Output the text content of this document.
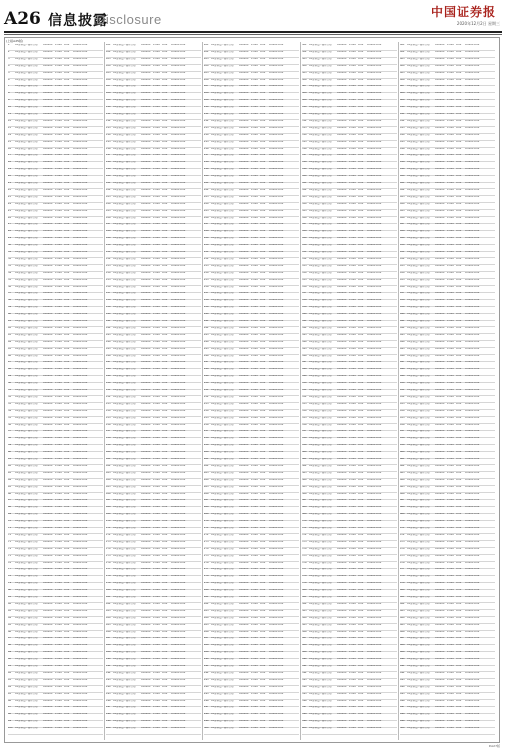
A26 信息披露
Disclosure	中国证券报
2020年12月2日 星期三
(上接A25版)
1 XX证券资产管理计划 XX0000 1.000 0.00 0.00000.00
2 XX证券资产管理计划 XX0000 1.000 0.00 0.00000.00
3 XX证券资产管理计划 XX0000 1.000 0.00 0.00000.00
4 XX证券资产管理计划 XX0000 1.000 0.00 0.00000.00
5 XX证券资产管理计划 XX0000 1.000 0.00 0.00000.00
6 XX证券资产管理计划 XX0000 1.000 0.00 0.00000.00
7 XX证券资产管理计划 XX0000 1.000 0.00 0.00000.00
8 XX证券资产管理计划 XX0000 1.000 0.00 0.00000.00
9 XX证券资产管理计划 XX0000 1.000 0.00 0.00000.00
10 XX证券资产管理计划 XX0000 1.000 0.00 0.00000.00
11 XX证券资产管理计划 XX0000 1.000 0.00 0.00000.00
12 XX证券资产管理计划 XX0000 1.000 0.00 0.00000.00
13 XX证券资产管理计划 XX0000 1.000 0.00 0.00000.00
14 XX证券资产管理计划 XX0000 1.000 0.00 0.00000.00
15 XX证券资产管理计划 XX0000 1.000 0.00 0.00000.00
16 XX证券资产管理计划 XX0000 1.000 0.00 0.00000.00
17 XX证券资产管理计划 XX0000 1.000 0.00 0.00000.00
18 XX证券资产管理计划 XX0000 1.000 0.00 0.00000.00
19 XX证券资产管理计划 XX0000 1.000 0.00 0.00000.00
20 XX证券资产管理计划 XX0000 1.000 0.00 0.00000.00
21 XX证券资产管理计划 XX0000 1.000 0.00 0.00000.00
22 XX证券资产管理计划 XX0000 1.000 0.00 0.00000.00
23 XX证券资产管理计划 XX0000 1.000 0.00 0.00000.00
24 XX证券资产管理计划 XX0000 1.000 0.00 0.00000.00
25 XX证券资产管理计划 XX0000 1.000 0.00 0.00000.00
26 XX证券资产管理计划 XX0000 1.000 0.00 0.00000.00
27 XX证券资产管理计划 XX0000 1.000 0.00 0.00000.00
28 XX证券资产管理计划 XX0000 1.000 0.00 0.00000.00
29 XX证券资产管理计划 XX0000 1.000 0.00 0.00000.00
30 XX证券资产管理计划 XX0000 1.000 0.00 0.00000.00
31 XX证券资产管理计划 XX0000 1.000 0.00 0.00000.00
32 XX证券资产管理计划 XX0000 1.000 0.00 0.00000.00
33 XX证券资产管理计划 XX0000 1.000 0.00 0.00000.00
34 XX证券资产管理计划 XX0000 1.000 0.00 0.00000.00
35 XX证券资产管理计划 XX0000 1.000 0.00 0.00000.00
36 XX证券资产管理计划 XX0000 1.000 0.00 0.00000.00
37 XX证券资产管理计划 XX0000 1.000 0.00 0.00000.00
38 XX证券资产管理计划 XX0000 1.000 0.00 0.00000.00
39 XX证券资产管理计划 XX0000 1.000 0.00 0.00000.00
40 XX证券资产管理计划 XX0000 1.000 0.00 0.00000.00
41 XX证券资产管理计划 XX0000 1.000 0.00 0.00000.00
42 XX证券资产管理计划 XX0000 1.000 0.00 0.00000.00
43 XX证券资产管理计划 XX0000 1.000 0.00 0.00000.00
44 XX证券资产管理计划 XX0000 1.000 0.00 0.00000.00
45 XX证券资产管理计划 XX0000 1.000 0.00 0.00000.00
46 XX证券资产管理计划 XX0000 1.000 0.00 0.00000.00
47 XX证券资产管理计划 XX0000 1.000 0.00 0.00000.00
48 XX证券资产管理计划 XX0000 1.000 0.00 0.00000.00
49 XX证券资产管理计划 XX0000 1.000 0.00 0.00000.00
50 XX证券资产管理计划 XX0000 1.000 0.00 0.00000.00
51 XX证券资产管理计划 XX0000 1.000 0.00 0.00000.00
52 XX证券资产管理计划 XX0000 1.000 0.00 0.00000.00
53 XX证券资产管理计划 XX0000 1.000 0.00 0.00000.00
54 XX证券资产管理计划 XX0000 1.000 0.00 0.00000.00
55 XX证券资产管理计划 XX0000 1.000 0.00 0.00000.00
56 XX证券资产管理计划 XX0000 1.000 0.00 0.00000.00
57 XX证券资产管理计划 XX0000 1.000 0.00 0.00000.00
58 XX证券资产管理计划 XX0000 1.000 0.00 0.00000.00
59 XX证券资产管理计划 XX0000 1.000 0.00 0.00000.00
60 XX证券资产管理计划 XX0000 1.000 0.00 0.00000.00
61 XX证券资产管理计划 XX0000 1.000 0.00 0.00000.00
62 XX证券资产管理计划 XX0000 1.000 0.00 0.00000.00
63 XX证券资产管理计划 XX0000 1.000 0.00 0.00000.00
64 XX证券资产管理计划 XX0000 1.000 0.00 0.00000.00
65 XX证券资产管理计划 XX0000 1.000 0.00 0.00000.00
66 XX证券资产管理计划 XX0000 1.000 0.00 0.00000.00
67 XX证券资产管理计划 XX0000 1.000 0.00 0.00000.00
68 XX证券资产管理计划 XX0000 1.000 0.00 0.00000.00
69 XX证券资产管理计划 XX0000 1.000 0.00 0.00000.00
70 XX证券资产管理计划 XX0000 1.000 0.00 0.00000.00
71 XX证券资产管理计划 XX0000 1.000 0.00 0.00000.00
72 XX证券资产管理计划 XX0000 1.000 0.00 0.00000.00
73 XX证券资产管理计划 XX0000 1.000 0.00 0.00000.00
74 XX证券资产管理计划 XX0000 1.000 0.00 0.00000.00
75 XX证券资产管理计划 XX0000 1.000 0.00 0.00000.00
76 XX证券资产管理计划 XX0000 1.000 0.00 0.00000.00
77 XX证券资产管理计划 XX0000 1.000 0.00 0.00000.00
78 XX证券资产管理计划 XX0000 1.000 0.00 0.00000.00
79 XX证券资产管理计划 XX0000 1.000 0.00 0.00000.00
80 XX证券资产管理计划 XX0000 1.000 0.00 0.00000.00
81 XX证券资产管理计划 XX0000 1.000 0.00 0.00000.00
82 XX证券资产管理计划 XX0000 1.000 0.00 0.00000.00
83 XX证券资产管理计划 XX0000 1.000 0.00 0.00000.00
84 XX证券资产管理计划 XX0000 1.000 0.00 0.00000.00
85 XX证券资产管理计划 XX0000 1.000 0.00 0.00000.00
86 XX证券资产管理计划 XX0000 1.000 0.00 0.00000.00
87 XX证券资产管理计划 XX0000 1.000 0.00 0.00000.00
88 XX证券资产管理计划 XX0000 1.000 0.00 0.00000.00
89 XX证券资产管理计划 XX0000 1.000 0.00 0.00000.00
90 XX证券资产管理计划 XX0000 1.000 0.00 0.00000.00
91 XX证券资产管理计划 XX0000 1.000 0.00 0.00000.00
92 XX证券资产管理计划 XX0000 1.000 0.00 0.00000.00
93 XX证券资产管理计划 XX0000 1.000 0.00 0.00000.00
94 XX证券资产管理计划 XX0000 1.000 0.00 0.00000.00
95 XX证券资产管理计划 XX0000 1.000 0.00 0.00000.00
96 XX证券资产管理计划 XX0000 1.000 0.00 0.00000.00
97 XX证券资产管理计划 XX0000 1.000 0.00 0.00000.00
98 XX证券资产管理计划 XX0000 1.000 0.00 0.00000.00
99 XX证券资产管理计划 XX0000 1.000 0.00 0.00000.00
100 XX证券资产管理计划 XX0000 1.000 0.00 0.00000.00
101 XX证券资产管理计划 XX0000 1.000 0.00 0.00000.00
102 XX证券资产管理计划 XX0000 1.000 0.00 0.00000.00
103 XX证券资产管理计划 XX0000 1.000 0.00 0.00000.00
104 XX证券资产管理计划 XX0000 1.000 0.00 0.00000.00
105 XX证券资产管理计划 XX0000 1.000 0.00 0.00000.00
106 XX证券资产管理计划 XX0000 1.000 0.00 0.00000.00
107 XX证券资产管理计划 XX0000 1.000 0.00 0.00000.00
108 XX证券资产管理计划 XX0000 1.000 0.00 0.00000.00
109 XX证券资产管理计划 XX0000 1.000 0.00 0.00000.00
110 XX证券资产管理计划 XX0000 1.000 0.00 0.00000.00
111 XX证券资产管理计划 XX0000 1.000 0.00 0.00000.00
112 XX证券资产管理计划 XX0000 1.000 0.00 0.00000.00
113 XX证券资产管理计划 XX0000 1.000 0.00 0.00000.00
114 XX证券资产管理计划 XX0000 1.000 0.00 0.00000.00
115 XX证券资产管理计划 XX0000 1.000 0.00 0.00000.00
116 XX证券资产管理计划 XX0000 1.000 0.00 0.00000.00
117 XX证券资产管理计划 XX0000 1.000 0.00 0.00000.00
118 XX证券资产管理计划 XX0000 1.000 0.00 0.00000.00
119 XX证券资产管理计划 XX0000 1.000 0.00 0.00000.00
120 XX证券资产管理计划 XX0000 1.000 0.00 0.00000.00
121 XX证券资产管理计划 XX0000 1.000 0.00 0.00000.00
122 XX证券资产管理计划 XX0000 1.000 0.00 0.00000.00
123 XX证券资产管理计划 XX0000 1.000 0.00 0.00000.00
124 XX证券资产管理计划 XX0000 1.000 0.00 0.00000.00
125 XX证券资产管理计划 XX0000 1.000 0.00 0.00000.00
126 XX证券资产管理计划 XX0000 1.000 0.00 0.00000.00
127 XX证券资产管理计划 XX0000 1.000 0.00 0.00000.00
128 XX证券资产管理计划 XX0000 1.000 0.00 0.00000.00
129 XX证券资产管理计划 XX0000 1.000 0.00 0.00000.00
130 XX证券资产管理计划 XX0000 1.000 0.00 0.00000.00
131 XX证券资产管理计划 XX0000 1.000 0.00 0.00000.00
132 XX证券资产管理计划 XX0000 1.000 0.00 0.00000.00
133 XX证券资产管理计划 XX0000 1.000 0.00 0.00000.00
134 XX证券资产管理计划 XX0000 1.000 0.00 0.00000.00
135 XX证券资产管理计划 XX0000 1.000 0.00 0.00000.00
136 XX证券资产管理计划 XX0000 1.000 0.00 0.00000.00
137 XX证券资产管理计划 XX0000 1.000 0.00 0.00000.00
138 XX证券资产管理计划 XX0000 1.000 0.00 0.00000.00
139 XX证券资产管理计划 XX0000 1.000 0.00 0.00000.00
140 XX证券资产管理计划 XX0000 1.000 0.00 0.00000.00
141 XX证券资产管理计划 XX0000 1.000 0.00 0.00000.00
142 XX证券资产管理计划 XX0000 1.000 0.00 0.00000.00
143 XX证券资产管理计划 XX0000 1.000 0.00 0.00000.00
144 XX证券资产管理计划 XX0000 1.000 0.00 0.00000.00
145 XX证券资产管理计划 XX0000 1.000 0.00 0.00000.00
146 XX证券资产管理计划 XX0000 1.000 0.00 0.00000.00
147 XX证券资产管理计划 XX0000 1.000 0.00 0.00000.00
148 XX证券资产管理计划 XX0000 1.000 0.00 0.00000.00
149 XX证券资产管理计划 XX0000 1.000 0.00 0.00000.00
150 XX证券资产管理计划 XX0000 1.000 0.00 0.00000.00
151 XX证券资产管理计划 XX0000 1.000 0.00 0.00000.00
152 XX证券资产管理计划 XX0000 1.000 0.00 0.00000.00
153 XX证券资产管理计划 XX0000 1.000 0.00 0.00000.00
154 XX证券资产管理计划 XX0000 1.000 0.00 0.00000.00
155 XX证券资产管理计划 XX0000 1.000 0.00 0.00000.00
156 XX证券资产管理计划 XX0000 1.000 0.00 0.00000.00
157 XX证券资产管理计划 XX0000 1.000 0.00 0.00000.00
158 XX证券资产管理计划 XX0000 1.000 0.00 0.00000.00
159 XX证券资产管理计划 XX0000 1.000 0.00 0.00000.00
160 XX证券资产管理计划 XX0000 1.000 0.00 0.00000.00
161 XX证券资产管理计划 XX0000 1.000 0.00 0.00000.00
162 XX证券资产管理计划 XX0000 1.000 0.00 0.00000.00
163 XX证券资产管理计划 XX0000 1.000 0.00 0.00000.00
164 XX证券资产管理计划 XX0000 1.000 0.00 0.00000.00
165 XX证券资产管理计划 XX0000 1.000 0.00 0.00000.00
166 XX证券资产管理计划 XX0000 1.000 0.00 0.00000.00
167 XX证券资产管理计划 XX0000 1.000 0.00 0.00000.00
168 XX证券资产管理计划 XX0000 1.000 0.00 0.00000.00
169 XX证券资产管理计划 XX0000 1.000 0.00 0.00000.00
170 XX证券资产管理计划 XX0000 1.000 0.00 0.00000.00
171 XX证券资产管理计划 XX0000 1.000 0.00 0.00000.00
172 XX证券资产管理计划 XX0000 1.000 0.00 0.00000.00
173 XX证券资产管理计划 XX0000 1.000 0.00 0.00000.00
174 XX证券资产管理计划 XX0000 1.000 0.00 0.00000.00
175 XX证券资产管理计划 XX0000 1.000 0.00 0.00000.00
176 XX证券资产管理计划 XX0000 1.000 0.00 0.00000.00
177 XX证券资产管理计划 XX0000 1.000 0.00 0.00000.00
178 XX证券资产管理计划 XX0000 1.000 0.00 0.00000.00
179 XX证券资产管理计划 XX0000 1.000 0.00 0.00000.00
180 XX证券资产管理计划 XX0000 1.000 0.00 0.00000.00
181 XX证券资产管理计划 XX0000 1.000 0.00 0.00000.00
182 XX证券资产管理计划 XX0000 1.000 0.00 0.00000.00
183 XX证券资产管理计划 XX0000 1.000 0.00 0.00000.00
184 XX证券资产管理计划 XX0000 1.000 0.00 0.00000.00
185 XX证券资产管理计划 XX0000 1.000 0.00 0.00000.00
186 XX证券资产管理计划 XX0000 1.000 0.00 0.00000.00
187 XX证券资产管理计划 XX0000 1.000 0.00 0.00000.00
188 XX证券资产管理计划 XX0000 1.000 0.00 0.00000.00
189 XX证券资产管理计划 XX0000 1.000 0.00 0.00000.00
190 XX证券资产管理计划 XX0000 1.000 0.00 0.00000.00
191 XX证券资产管理计划 XX0000 1.000 0.00 0.00000.00
192 XX证券资产管理计划 XX0000 1.000 0.00 0.00000.00
193 XX证券资产管理计划 XX0000 1.000 0.00 0.00000.00
194 XX证券资产管理计划 XX0000 1.000 0.00 0.00000.00
195 XX证券资产管理计划 XX0000 1.000 0.00 0.00000.00
196 XX证券资产管理计划 XX0000 1.000 0.00 0.00000.00
197 XX证券资产管理计划 XX0000 1.000 0.00 0.00000.00
198 XX证券资产管理计划 XX0000 1.000 0.00 0.00000.00
199 XX证券资产管理计划 XX0000 1.000 0.00 0.00000.00
200 XX证券资产管理计划 XX0000 1.000 0.00 0.00000.00
201 XX证券资产管理计划 XX0000 1.000 0.00 0.00000.00
202 XX证券资产管理计划 XX0000 1.000 0.00 0.00000.00
203 XX证券资产管理计划 XX0000 1.000 0.00 0.00000.00
204 XX证券资产管理计划 XX0000 1.000 0.00 0.00000.00
205 XX证券资产管理计划 XX0000 1.000 0.00 0.00000.00
206 XX证券资产管理计划 XX0000 1.000 0.00 0.00000.00
207 XX证券资产管理计划 XX0000 1.000 0.00 0.00000.00
208 XX证券资产管理计划 XX0000 1.000 0.00 0.00000.00
209 XX证券资产管理计划 XX0000 1.000 0.00 0.00000.00
210 XX证券资产管理计划 XX0000 1.000 0.00 0.00000.00
211 XX证券资产管理计划 XX0000 1.000 0.00 0.00000.00
212 XX证券资产管理计划 XX0000 1.000 0.00 0.00000.00
213 XX证券资产管理计划 XX0000 1.000 0.00 0.00000.00
214 XX证券资产管理计划 XX0000 1.000 0.00 0.00000.00
215 XX证券资产管理计划 XX0000 1.000 0.00 0.00000.00
216 XX证券资产管理计划 XX0000 1.000 0.00 0.00000.00
217 XX证券资产管理计划 XX0000 1.000 0.00 0.00000.00
218 XX证券资产管理计划 XX0000 1.000 0.00 0.00000.00
219 XX证券资产管理计划 XX0000 1.000 0.00 0.00000.00
220 XX证券资产管理计划 XX0000 1.000 0.00 0.00000.00
221 XX证券资产管理计划 XX0000 1.000 0.00 0.00000.00
222 XX证券资产管理计划 XX0000 1.000 0.00 0.00000.00
223 XX证券资产管理计划 XX0000 1.000 0.00 0.00000.00
224 XX证券资产管理计划 XX0000 1.000 0.00 0.00000.00
225 XX证券资产管理计划 XX0000 1.000 0.00 0.00000.00
226 XX证券资产管理计划 XX0000 1.000 0.00 0.00000.00
227 XX证券资产管理计划 XX0000 1.000 0.00 0.00000.00
228 XX证券资产管理计划 XX0000 1.000 0.00 0.00000.00
229 XX证券资产管理计划 XX0000 1.000 0.00 0.00000.00
230 XX证券资产管理计划 XX0000 1.000 0.00 0.00000.00
231 XX证券资产管理计划 XX0000 1.000 0.00 0.00000.00
232 XX证券资产管理计划 XX0000 1.000 0.00 0.00000.00
233 XX证券资产管理计划 XX0000 1.000 0.00 0.00000.00
234 XX证券资产管理计划 XX0000 1.000 0.00 0.00000.00
235 XX证券资产管理计划 XX0000 1.000 0.00 0.00000.00
236 XX证券资产管理计划 XX0000 1.000 0.00 0.00000.00
237 XX证券资产管理计划 XX0000 1.000 0.00 0.00000.00
238 XX证券资产管理计划 XX0000 1.000 0.00 0.00000.00
239 XX证券资产管理计划 XX0000 1.000 0.00 0.00000.00
240 XX证券资产管理计划 XX0000 1.000 0.00 0.00000.00
241 XX证券资产管理计划 XX0000 1.000 0.00 0.00000.00
242 XX证券资产管理计划 XX0000 1.000 0.00 0.00000.00
243 XX证券资产管理计划 XX0000 1.000 0.00 0.00000.00
244 XX证券资产管理计划 XX0000 1.000 0.00 0.00000.00
245 XX证券资产管理计划 XX0000 1.000 0.00 0.00000.00
246 XX证券资产管理计划 XX0000 1.000 0.00 0.00000.00
247 XX证券资产管理计划 XX0000 1.000 0.00 0.00000.00
248 XX证券资产管理计划 XX0000 1.000 0.00 0.00000.00
249 XX证券资产管理计划 XX0000 1.000 0.00 0.00000.00
250 XX证券资产管理计划 XX0000 1.000 0.00 0.00000.00
251 XX证券资产管理计划 XX0000 1.000 0.00 0.00000.00
252 XX证券资产管理计划 XX0000 1.000 0.00 0.00000.00
253 XX证券资产管理计划 XX0000 1.000 0.00 0.00000.00
254 XX证券资产管理计划 XX0000 1.000 0.00 0.00000.00
255 XX证券资产管理计划 XX0000 1.000 0.00 0.00000.00
256 XX证券资产管理计划 XX0000 1.000 0.00 0.00000.00
257 XX证券资产管理计划 XX0000 1.000 0.00 0.00000.00
258 XX证券资产管理计划 XX0000 1.000 0.00 0.00000.00
259 XX证券资产管理计划 XX0000 1.000 0.00 0.00000.00
260 XX证券资产管理计划 XX0000 1.000 0.00 0.00000.00
261 XX证券资产管理计划 XX0000 1.000 0.00 0.00000.00
262 XX证券资产管理计划 XX0000 1.000 0.00 0.00000.00
263 XX证券资产管理计划 XX0000 1.000 0.00 0.00000.00
264 XX证券资产管理计划 XX0000 1.000 0.00 0.00000.00
265 XX证券资产管理计划 XX0000 1.000 0.00 0.00000.00
266 XX证券资产管理计划 XX0000 1.000 0.00 0.00000.00
267 XX证券资产管理计划 XX0000 1.000 0.00 0.00000.00
268 XX证券资产管理计划 XX0000 1.000 0.00 0.00000.00
269 XX证券资产管理计划 XX0000 1.000 0.00 0.00000.00
270 XX证券资产管理计划 XX0000 1.000 0.00 0.00000.00
271 XX证券资产管理计划 XX0000 1.000 0.00 0.00000.00
272 XX证券资产管理计划 XX0000 1.000 0.00 0.00000.00
273 XX证券资产管理计划 XX0000 1.000 0.00 0.00000.00
274 XX证券资产管理计划 XX0000 1.000 0.00 0.00000.00
275 XX证券资产管理计划 XX0000 1.000 0.00 0.00000.00
276 XX证券资产管理计划 XX0000 1.000 0.00 0.00000.00
277 XX证券资产管理计划 XX0000 1.000 0.00 0.00000.00
278 XX证券资产管理计划 XX0000 1.000 0.00 0.00000.00
279 XX证券资产管理计划 XX0000 1.000 0.00 0.00000.00
280 XX证券资产管理计划 XX0000 1.000 0.00 0.00000.00
281 XX证券资产管理计划 XX0000 1.000 0.00 0.00000.00
282 XX证券资产管理计划 XX0000 1.000 0.00 0.00000.00
283 XX证券资产管理计划 XX0000 1.000 0.00 0.00000.00
284 XX证券资产管理计划 XX0000 1.000 0.00 0.00000.00
285 XX证券资产管理计划 XX0000 1.000 0.00 0.00000.00
286 XX证券资产管理计划 XX0000 1.000 0.00 0.00000.00
287 XX证券资产管理计划 XX0000 1.000 0.00 0.00000.00
288 XX证券资产管理计划 XX0000 1.000 0.00 0.00000.00
289 XX证券资产管理计划 XX0000 1.000 0.00 0.00000.00
290 XX证券资产管理计划 XX0000 1.000 0.00 0.00000.00
291 XX证券资产管理计划 XX0000 1.000 0.00 0.00000.00
292 XX证券资产管理计划 XX0000 1.000 0.00 0.00000.00
293 XX证券资产管理计划 XX0000 1.000 0.00 0.00000.00
294 XX证券资产管理计划 XX0000 1.000 0.00 0.00000.00
295 XX证券资产管理计划 XX0000 1.000 0.00 0.00000.00
296 XX证券资产管理计划 XX0000 1.000 0.00 0.00000.00
297 XX证券资产管理计划 XX0000 1.000 0.00 0.00000.00
298 XX证券资产管理计划 XX0000 1.000 0.00 0.00000.00
299 XX证券资产管理计划 XX0000 1.000 0.00 0.00000.00
300 XX证券资产管理计划 XX0000 1.000 0.00 0.00000.00
301 XX证券资产管理计划 XX0000 1.000 0.00 0.00000.00
302 XX证券资产管理计划 XX0000 1.000 0.00 0.00000.00
303 XX证券资产管理计划 XX0000 1.000 0.00 0.00000.00
304 XX证券资产管理计划 XX0000 1.000 0.00 0.00000.00
305 XX证券资产管理计划 XX0000 1.000 0.00 0.00000.00
306 XX证券资产管理计划 XX0000 1.000 0.00 0.00000.00
307 XX证券资产管理计划 XX0000 1.000 0.00 0.00000.00
308 XX证券资产管理计划 XX0000 1.000 0.00 0.00000.00
309 XX证券资产管理计划 XX0000 1.000 0.00 0.00000.00
310 XX证券资产管理计划 XX0000 1.000 0.00 0.00000.00
311 XX证券资产管理计划 XX0000 1.000 0.00 0.00000.00
312 XX证券资产管理计划 XX0000 1.000 0.00 0.00000.00
313 XX证券资产管理计划 XX0000 1.000 0.00 0.00000.00
314 XX证券资产管理计划 XX0000 1.000 0.00 0.00000.00
315 XX证券资产管理计划 XX0000 1.000 0.00 0.00000.00
316 XX证券资产管理计划 XX0000 1.000 0.00 0.00000.00
317 XX证券资产管理计划 XX0000 1.000 0.00 0.00000.00
318 XX证券资产管理计划 XX0000 1.000 0.00 0.00000.00
319 XX证券资产管理计划 XX0000 1.000 0.00 0.00000.00
320 XX证券资产管理计划 XX0000 1.000 0.00 0.00000.00
321 XX证券资产管理计划 XX0000 1.000 0.00 0.00000.00
322 XX证券资产管理计划 XX0000 1.000 0.00 0.00000.00
323 XX证券资产管理计划 XX0000 1.000 0.00 0.00000.00
324 XX证券资产管理计划 XX0000 1.000 0.00 0.00000.00
325 XX证券资产管理计划 XX0000 1.000 0.00 0.00000.00
326 XX证券资产管理计划 XX0000 1.000 0.00 0.00000.00
327 XX证券资产管理计划 XX0000 1.000 0.00 0.00000.00
328 XX证券资产管理计划 XX0000 1.000 0.00 0.00000.00
329 XX证券资产管理计划 XX0000 1.000 0.00 0.00000.00
330 XX证券资产管理计划 XX0000 1.000 0.00 0.00000.00
331 XX证券资产管理计划 XX0000 1.000 0.00 0.00000.00
332 XX证券资产管理计划 XX0000 1.000 0.00 0.00000.00
333 XX证券资产管理计划 XX0000 1.000 0.00 0.00000.00
334 XX证券资产管理计划 XX0000 1.000 0.00 0.00000.00
335 XX证券资产管理计划 XX0000 1.000 0.00 0.00000.00
336 XX证券资产管理计划 XX0000 1.000 0.00 0.00000.00
337 XX证券资产管理计划 XX0000 1.000 0.00 0.00000.00
338 XX证券资产管理计划 XX0000 1.000 0.00 0.00000.00
339 XX证券资产管理计划 XX0000 1.000 0.00 0.00000.00
340 XX证券资产管理计划 XX0000 1.000 0.00 0.00000.00
341 XX证券资产管理计划 XX0000 1.000 0.00 0.00000.00
342 XX证券资产管理计划 XX0000 1.000 0.00 0.00000.00
343 XX证券资产管理计划 XX0000 1.000 0.00 0.00000.00
344 XX证券资产管理计划 XX0000 1.000 0.00 0.00000.00
345 XX证券资产管理计划 XX0000 1.000 0.00 0.00000.00
346 XX证券资产管理计划 XX0000 1.000 0.00 0.00000.00
347 XX证券资产管理计划 XX0000 1.000 0.00 0.00000.00
348 XX证券资产管理计划 XX0000 1.000 0.00 0.00000.00
349 XX证券资产管理计划 XX0000 1.000 0.00 0.00000.00
350 XX证券资产管理计划 XX0000 1.000 0.00 0.00000.00
351 XX证券资产管理计划 XX0000 1.000 0.00 0.00000.00
352 XX证券资产管理计划 XX0000 1.000 0.00 0.00000.00
353 XX证券资产管理计划 XX0000 1.000 0.00 0.00000.00
354 XX证券资产管理计划 XX0000 1.000 0.00 0.00000.00
355 XX证券资产管理计划 XX0000 1.000 0.00 0.00000.00
356 XX证券资产管理计划 XX0000 1.000 0.00 0.00000.00
357 XX证券资产管理计划 XX0000 1.000 0.00 0.00000.00
358 XX证券资产管理计划 XX0000 1.000 0.00 0.00000.00
359 XX证券资产管理计划 XX0000 1.000 0.00 0.00000.00
360 XX证券资产管理计划 XX0000 1.000 0.00 0.00000.00
361 XX证券资产管理计划 XX0000 1.000 0.00 0.00000.00
362 XX证券资产管理计划 XX0000 1.000 0.00 0.00000.00
363 XX证券资产管理计划 XX0000 1.000 0.00 0.00000.00
364 XX证券资产管理计划 XX0000 1.000 0.00 0.00000.00
365 XX证券资产管理计划 XX0000 1.000 0.00 0.00000.00
366 XX证券资产管理计划 XX0000 1.000 0.00 0.00000.00
367 XX证券资产管理计划 XX0000 1.000 0.00 0.00000.00
368 XX证券资产管理计划 XX0000 1.000 0.00 0.00000.00
369 XX证券资产管理计划 XX0000 1.000 0.00 0.00000.00
370 XX证券资产管理计划 XX0000 1.000 0.00 0.00000.00
371 XX证券资产管理计划 XX0000 1.000 0.00 0.00000.00
372 XX证券资产管理计划 XX0000 1.000 0.00 0.00000.00
373 XX证券资产管理计划 XX0000 1.000 0.00 0.00000.00
374 XX证券资产管理计划 XX0000 1.000 0.00 0.00000.00
375 XX证券资产管理计划 XX0000 1.000 0.00 0.00000.00
376 XX证券资产管理计划 XX0000 1.000 0.00 0.00000.00
377 XX证券资产管理计划 XX0000 1.000 0.00 0.00000.00
378 XX证券资产管理计划 XX0000 1.000 0.00 0.00000.00
379 XX证券资产管理计划 XX0000 1.000 0.00 0.00000.00
380 XX证券资产管理计划 XX0000 1.000 0.00 0.00000.00
381 XX证券资产管理计划 XX0000 1.000 0.00 0.00000.00
382 XX证券资产管理计划 XX0000 1.000 0.00 0.00000.00
383 XX证券资产管理计划 XX0000 1.000 0.00 0.00000.00
384 XX证券资产管理计划 XX0000 1.000 0.00 0.00000.00
385 XX证券资产管理计划 XX0000 1.000 0.00 0.00000.00
386 XX证券资产管理计划 XX0000 1.000 0.00 0.00000.00
387 XX证券资产管理计划 XX0000 1.000 0.00 0.00000.00
388 XX证券资产管理计划 XX0000 1.000 0.00 0.00000.00
389 XX证券资产管理计划 XX0000 1.000 0.00 0.00000.00
390 XX证券资产管理计划 XX0000 1.000 0.00 0.00000.00
391 XX证券资产管理计划 XX0000 1.000 0.00 0.00000.00
392 XX证券资产管理计划 XX0000 1.000 0.00 0.00000.00
393 XX证券资产管理计划 XX0000 1.000 0.00 0.00000.00
394 XX证券资产管理计划 XX0000 1.000 0.00 0.00000.00
395 XX证券资产管理计划 XX0000 1.000 0.00 0.00000.00
396 XX证券资产管理计划 XX0000 1.000 0.00 0.00000.00
397 XX证券资产管理计划 XX0000 1.000 0.00 0.00000.00
398 XX证券资产管理计划 XX0000 1.000 0.00 0.00000.00
399 XX证券资产管理计划 XX0000 1.000 0.00 0.00000.00
400 XX证券资产管理计划 XX0000 1.000 0.00 0.00000.00
401 XX证券资产管理计划 XX0000 1.000 0.00 0.00000.00
402 XX证券资产管理计划 XX0000 1.000 0.00 0.00000.00
403 XX证券资产管理计划 XX0000 1.000 0.00 0.00000.00
404 XX证券资产管理计划 XX0000 1.000 0.00 0.00000.00
405 XX证券资产管理计划 XX0000 1.000 0.00 0.00000.00
406 XX证券资产管理计划 XX0000 1.000 0.00 0.00000.00
407 XX证券资产管理计划 XX0000 1.000 0.00 0.00000.00
408 XX证券资产管理计划 XX0000 1.000 0.00 0.00000.00
409 XX证券资产管理计划 XX0000 1.000 0.00 0.00000.00
410 XX证券资产管理计划 XX0000 1.000 0.00 0.00000.00
411 XX证券资产管理计划 XX0000 1.000 0.00 0.00000.00
412 XX证券资产管理计划 XX0000 1.000 0.00 0.00000.00
413 XX证券资产管理计划 XX0000 1.000 0.00 0.00000.00
414 XX证券资产管理计划 XX0000 1.000 0.00 0.00000.00
415 XX证券资产管理计划 XX0000 1.000 0.00 0.00000.00
416 XX证券资产管理计划 XX0000 1.000 0.00 0.00000.00
417 XX证券资产管理计划 XX0000 1.000 0.00 0.00000.00
418 XX证券资产管理计划 XX0000 1.000 0.00 0.00000.00
419 XX证券资产管理计划 XX0000 1.000 0.00 0.00000.00
420 XX证券资产管理计划 XX0000 1.000 0.00 0.00000.00
421 XX证券资产管理计划 XX0000 1.000 0.00 0.00000.00
422 XX证券资产管理计划 XX0000 1.000 0.00 0.00000.00
423 XX证券资产管理计划 XX0000 1.000 0.00 0.00000.00
424 XX证券资产管理计划 XX0000 1.000 0.00 0.00000.00
425 XX证券资产管理计划 XX0000 1.000 0.00 0.00000.00
426 XX证券资产管理计划 XX0000 1.000 0.00 0.00000.00
427 XX证券资产管理计划 XX0000 1.000 0.00 0.00000.00
428 XX证券资产管理计划 XX0000 1.000 0.00 0.00000.00
429 XX证券资产管理计划 XX0000 1.000 0.00 0.00000.00
430 XX证券资产管理计划 XX0000 1.000 0.00 0.00000.00
431 XX证券资产管理计划 XX0000 1.000 0.00 0.00000.00
432 XX证券资产管理计划 XX0000 1.000 0.00 0.00000.00
433 XX证券资产管理计划 XX0000 1.000 0.00 0.00000.00
434 XX证券资产管理计划 XX0000 1.000 0.00 0.00000.00
435 XX证券资产管理计划 XX0000 1.000 0.00 0.00000.00
436 XX证券资产管理计划 XX0000 1.000 0.00 0.00000.00
437 XX证券资产管理计划 XX0000 1.000 0.00 0.00000.00
438 XX证券资产管理计划 XX0000 1.000 0.00 0.00000.00
439 XX证券资产管理计划 XX0000 1.000 0.00 0.00000.00
440 XX证券资产管理计划 XX0000 1.000 0.00 0.00000.00
441 XX证券资产管理计划 XX0000 1.000 0.00 0.00000.00
442 XX证券资产管理计划 XX0000 1.000 0.00 0.00000.00
443 XX证券资产管理计划 XX0000 1.000 0.00 0.00000.00
444 XX证券资产管理计划 XX0000 1.000 0.00 0.00000.00
445 XX证券资产管理计划 XX0000 1.000 0.00 0.00000.00
446 XX证券资产管理计划 XX0000 1.000 0.00 0.00000.00
447 XX证券资产管理计划 XX0000 1.000 0.00 0.00000.00
448 XX证券资产管理计划 XX0000 1.000 0.00 0.00000.00
449 XX证券资产管理计划 XX0000 1.000 0.00 0.00000.00
450 XX证券资产管理计划 XX0000 1.000 0.00 0.00000.00
451 XX证券资产管理计划 XX0000 1.000 0.00 0.00000.00
452 XX证券资产管理计划 XX0000 1.000 0.00 0.00000.00
453 XX证券资产管理计划 XX0000 1.000 0.00 0.00000.00
454 XX证券资产管理计划 XX0000 1.000 0.00 0.00000.00
455 XX证券资产管理计划 XX0000 1.000 0.00 0.00000.00
456 XX证券资产管理计划 XX0000 1.000 0.00 0.00000.00
457 XX证券资产管理计划 XX0000 1.000 0.00 0.00000.00
458 XX证券资产管理计划 XX0000 1.000 0.00 0.00000.00
459 XX证券资产管理计划 XX0000 1.000 0.00 0.00000.00
460 XX证券资产管理计划 XX0000 1.000 0.00 0.00000.00
461 XX证券资产管理计划 XX0000 1.000 0.00 0.00000.00
462 XX证券资产管理计划 XX0000 1.000 0.00 0.00000.00
463 XX证券资产管理计划 XX0000 1.000 0.00 0.00000.00
464 XX证券资产管理计划 XX0000 1.000 0.00 0.00000.00
465 XX证券资产管理计划 XX0000 1.000 0.00 0.00000.00
466 XX证券资产管理计划 XX0000 1.000 0.00 0.00000.00
467 XX证券资产管理计划 XX0000 1.000 0.00 0.00000.00
468 XX证券资产管理计划 XX0000 1.000 0.00 0.00000.00
469 XX证券资产管理计划 XX0000 1.000 0.00 0.00000.00
470 XX证券资产管理计划 XX0000 1.000 0.00 0.00000.00
471 XX证券资产管理计划 XX0000 1.000 0.00 0.00000.00
472 XX证券资产管理计划 XX0000 1.000 0.00 0.00000.00
473 XX证券资产管理计划 XX0000 1.000 0.00 0.00000.00
474 XX证券资产管理计划 XX0000 1.000 0.00 0.00000.00
475 XX证券资产管理计划 XX0000 1.000 0.00 0.00000.00
476 XX证券资产管理计划 XX0000 1.000 0.00 0.00000.00
477 XX证券资产管理计划 XX0000 1.000 0.00 0.00000.00
478 XX证券资产管理计划 XX0000 1.000 0.00 0.00000.00
479 XX证券资产管理计划 XX0000 1.000 0.00 0.00000.00
480 XX证券资产管理计划 XX0000 1.000 0.00 0.00000.00
481 XX证券资产管理计划 XX0000 1.000 0.00 0.00000.00
482 XX证券资产管理计划 XX0000 1.000 0.00 0.00000.00
483 XX证券资产管理计划 XX0000 1.000 0.00 0.00000.00
484 XX证券资产管理计划 XX0000 1.000 0.00 0.00000.00
485 XX证券资产管理计划 XX0000 1.000 0.00 0.00000.00
486 XX证券资产管理计划 XX0000 1.000 0.00 0.00000.00
487 XX证券资产管理计划 XX0000 1.000 0.00 0.00000.00
488 XX证券资产管理计划 XX0000 1.000 0.00 0.00000.00
489 XX证券资产管理计划 XX0000 1.000 0.00 0.00000.00
490 XX证券资产管理计划 XX0000 1.000 0.00 0.00000.00
491 XX证券资产管理计划 XX0000 1.000 0.00 0.00000.00
492 XX证券资产管理计划 XX0000 1.000 0.00 0.00000.00
493 XX证券资产管理计划 XX0000 1.000 0.00 0.00000.00
494 XX证券资产管理计划 XX0000 1.000 0.00 0.00000.00
495 XX证券资产管理计划 XX0000 1.000 0.00 0.00000.00
496 XX证券资产管理计划 XX0000 1.000 0.00 0.00000.00
497 XX证券资产管理计划 XX0000 1.000 0.00 0.00000.00
498 XX证券资产管理计划 XX0000 1.000 0.00 0.00000.00
499 XX证券资产管理计划 XX0000 1.000 0.00 0.00000.00
500 XX证券资产管理计划 XX0000 1.000 0.00 0.00000.00
P.A27版
